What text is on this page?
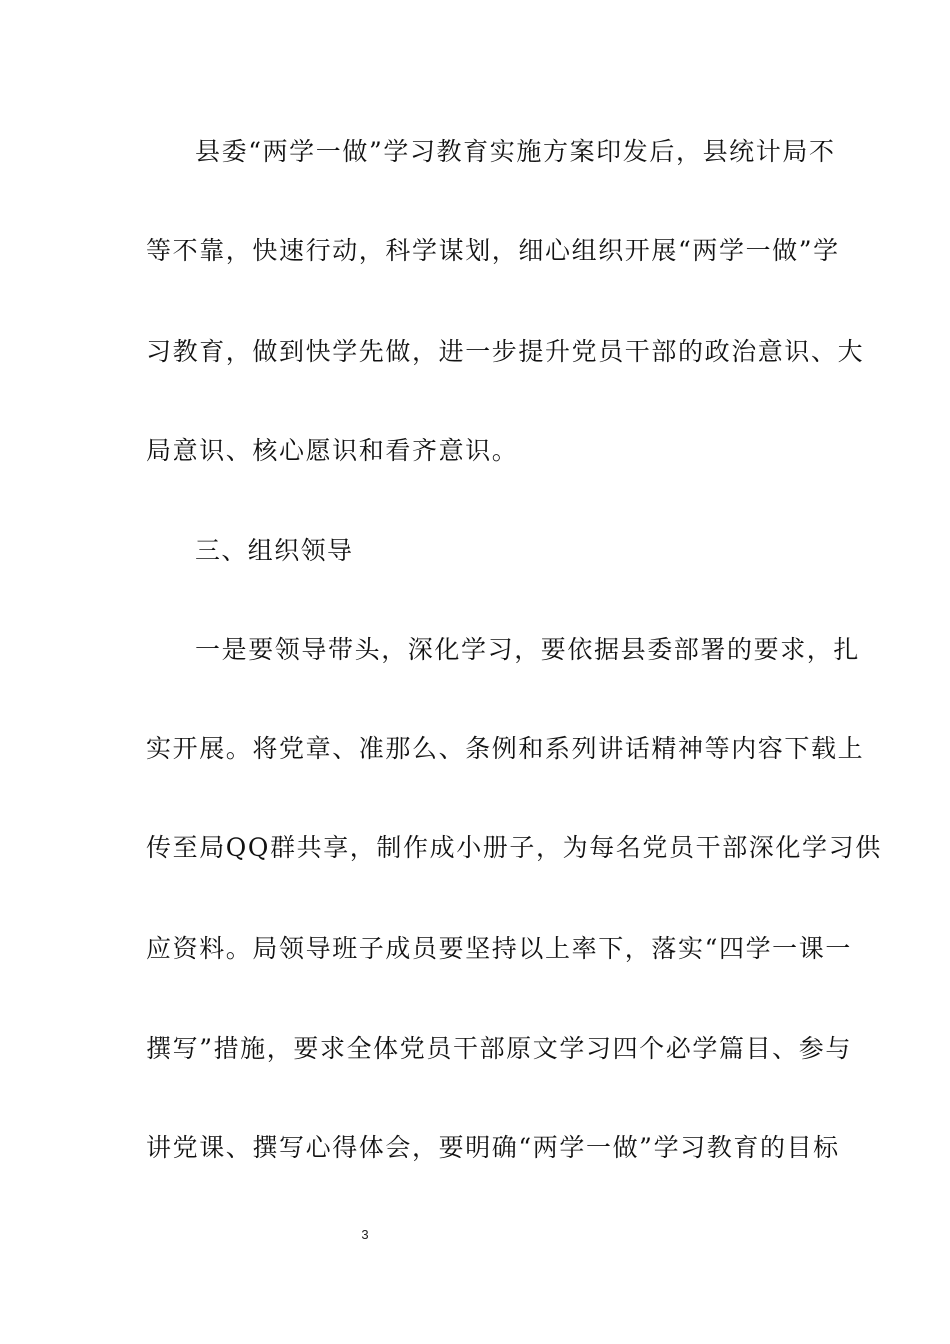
县委“两学一做”学习教育实施方案印发后，县统计局不
等不靠，快速行动，科学谋划，细心组织开展“两学一做”学
习教育，做到快学先做，进一步提升党员干部的政治意识、大
局意识、核心愿识和看齐意识。
三、组织领导
一是要领导带头，深化学习，要依据县委部署的要求，扎
实开展。将党章、准那么、条例和系列讲话精神等内容下载上
传至局QQ群共享，制作成小册子，为每名党员干部深化学习供
应资料。局领导班子成员要坚持以上率下，落实“四学一课一
撰写”措施，要求全体党员干部原文学习四个必学篇目、参与
讲党课、撰写心得体会，要明确“两学一做”学习教育的目标
3
